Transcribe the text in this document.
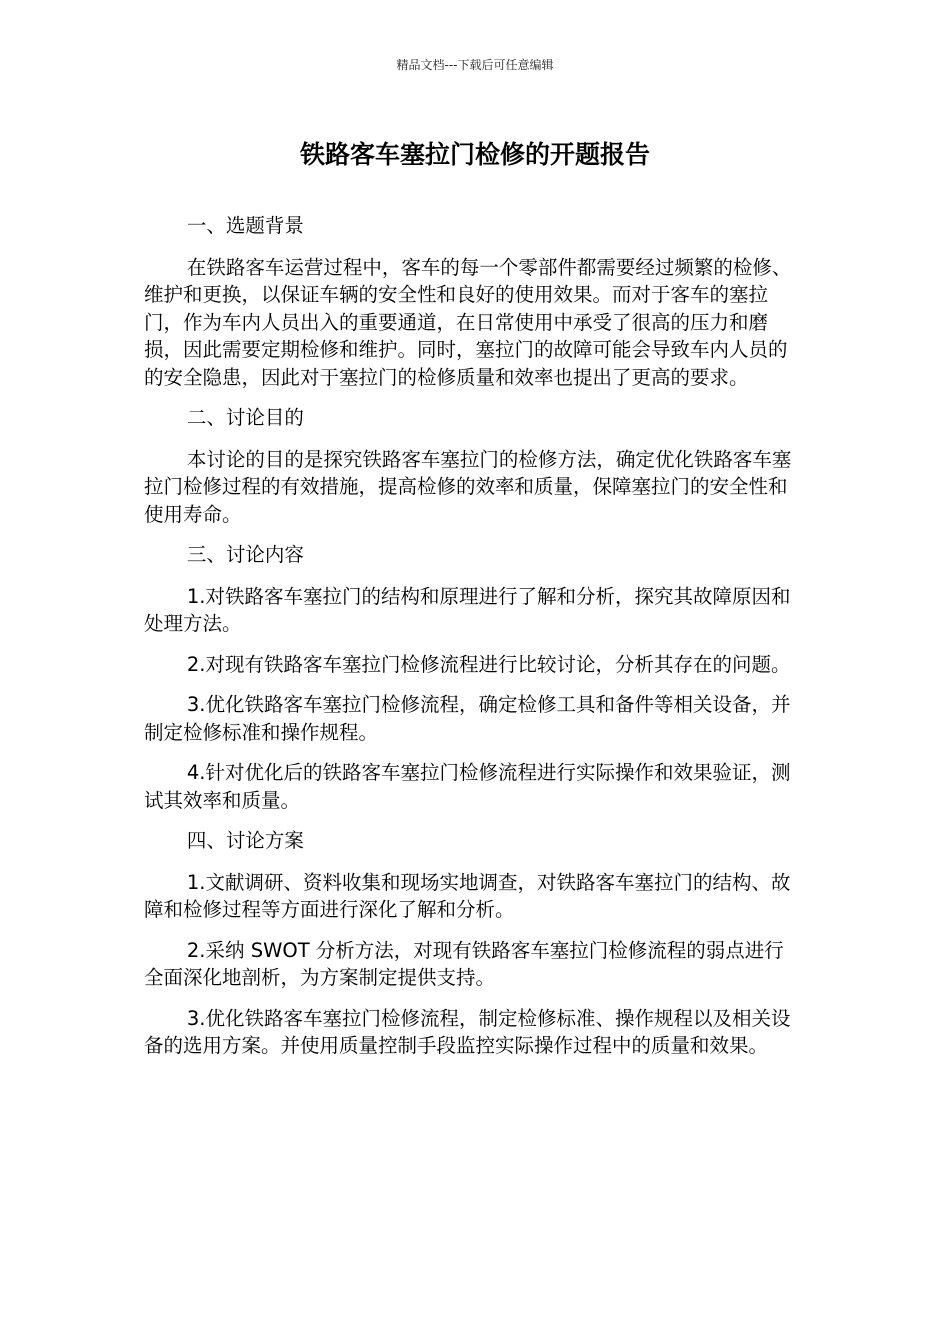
精品文档---下载后可任意编辑
铁路客车塞拉门检修的开题报告

一、选题背景

在铁路客车运营过程中，客车的每一个零部件都需要经过频繁的检修、维护和更换，以保证车辆的安全性和良好的使用效果。而对于客车的塞拉门，作为车内人员出入的重要通道，在日常使用中承受了很高的压力和磨损，因此需要定期检修和维护。同时，塞拉门的故障可能会导致车内人员的的安全隐患，因此对于塞拉门的检修质量和效率也提出了更高的要求。

二、讨论目的

本讨论的目的是探究铁路客车塞拉门的检修方法，确定优化铁路客车塞拉门检修过程的有效措施，提高检修的效率和质量，保障塞拉门的安全性和使用寿命。

三、讨论内容

1.对铁路客车塞拉门的结构和原理进行了解和分析，探究其故障原因和处理方法。

2.对现有铁路客车塞拉门检修流程进行比较讨论，分析其存在的问题。

3.优化铁路客车塞拉门检修流程，确定检修工具和备件等相关设备，并制定检修标准和操作规程。

4.针对优化后的铁路客车塞拉门检修流程进行实际操作和效果验证，测试其效率和质量。

四、讨论方案

1.文献调研、资料收集和现场实地调查，对铁路客车塞拉门的结构、故障和检修过程等方面进行深化了解和分析。

2.采纳 SWOT 分析方法，对现有铁路客车塞拉门检修流程的弱点进行全面深化地剖析，为方案制定提供支持。

3.优化铁路客车塞拉门检修流程，制定检修标准、操作规程以及相关设备的选用方案。并使用质量控制手段监控实际操作过程中的质量和效果。
